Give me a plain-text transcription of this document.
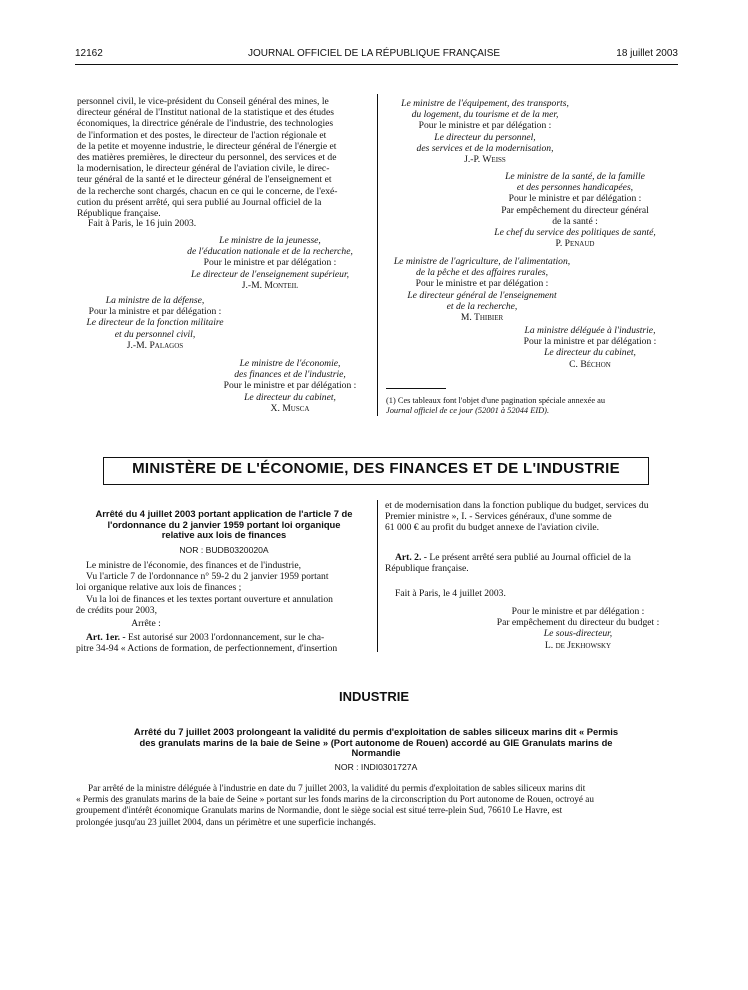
12162	JOURNAL OFFICIEL DE LA RÉPUBLIQUE FRANÇAISE	18 juillet 2003
personnel civil, le vice-président du Conseil général des mines, le
directeur général de l'Institut national de la statistique et des études
économiques, la directrice générale de l'industrie, des technologies
de l'information et des postes, le directeur de l'action régionale et
de la petite et moyenne industrie, le directeur général de l'énergie et
des matières premières, le directeur du personnel, des services et de
la modernisation, le directeur général de l'aviation civile, le direc-
teur général de la santé et le directeur général de l'enseignement et
de la recherche sont chargés, chacun en ce qui le concerne, de l'exé-
cution du présent arrêté, qui sera publié au Journal officiel de la
République française.
Fait à Paris, le 16 juin 2003.
Le ministre de la jeunesse,
de l'éducation nationale et de la recherche,
Pour le ministre et par délégation :
Le directeur de l'enseignement supérieur,
J.-M. Monteil
La ministre de la défense,
Pour la ministre et par délégation :
Le directeur de la fonction militaire
et du personnel civil,
J.-M. Palagos
Le ministre de l'économie,
des finances et de l'industrie,
Pour le ministre et par délégation :
Le directeur du cabinet,
X. Musca
Le ministre de l'équipement, des transports,
du logement, du tourisme et de la mer,
Pour le ministre et par délégation :
Le directeur du personnel,
des services et de la modernisation,
J.-P. Weiss
Le ministre de la santé, de la famille
et des personnes handicapées,
Pour le ministre et par délégation :
Par empêchement du directeur général
de la santé :
Le chef du service des politiques de santé,
P. Penaud
Le ministre de l'agriculture, de l'alimentation,
de la pêche et des affaires rurales,
Pour le ministre et par délégation :
Le directeur général de l'enseignement
et de la recherche,
M. Thibier
La ministre déléguée à l'industrie,
Pour la ministre et par délégation :
Le directeur du cabinet,
C. Béchon
(1) Ces tableaux font l'objet d'une pagination spéciale annexée au
Journal officiel de ce jour (52001 à 52044 EID).
MINISTÈRE DE L'ÉCONOMIE, DES FINANCES ET DE L'INDUSTRIE
Arrêté du 4 juillet 2003 portant application de l'article 7 de
l'ordonnance du 2 janvier 1959 portant loi organique
relative aux lois de finances
NOR : BUDB0320020A
Le ministre de l'économie, des finances et de l'industrie,
Vu l'article 7 de l'ordonnance n° 59-2 du 2 janvier 1959 portant
loi organique relative aux lois de finances ;
Vu la loi de finances et les textes portant ouverture et annulation
de crédits pour 2003,
Arrête :
Art. 1er. - Est autorisé sur 2003 l'ordonnancement, sur le cha-
pitre 34-94 « Actions de formation, de perfectionnement, d'insertion
et de modernisation dans la fonction publique du budget, services du
Premier ministre », I. - Services généraux, d'une somme de
61 000 € au profit du budget annexe de l'aviation civile.
Art. 2. - Le présent arrêté sera publié au Journal officiel de la
République française.
Fait à Paris, le 4 juillet 2003.
Pour le ministre et par délégation :
Par empêchement du directeur du budget :
Le sous-directeur,
L. de Jekhowsky
INDUSTRIE
Arrêté du 7 juillet 2003 prolongeant la validité du permis d'exploitation de sables siliceux marins dit « Permis
des granulats marins de la baie de Seine » (Port autonome de Rouen) accordé au GIE Granulats marins de
Normandie
NOR : INDI0301727A
Par arrêté de la ministre déléguée à l'industrie en date du 7 juillet 2003, la validité du permis d'exploitation de sables siliceux marins dit
« Permis des granulats marins de la baie de Seine » portant sur les fonds marins de la circonscription du Port autonome de Rouen, octroyé au
groupement d'intérêt économique Granulats marins de Normandie, dont le siège social est situé terre-plein Sud, 76610 Le Havre, est
prolongée jusqu'au 23 juillet 2004, dans un périmètre et une superficie inchangés.
